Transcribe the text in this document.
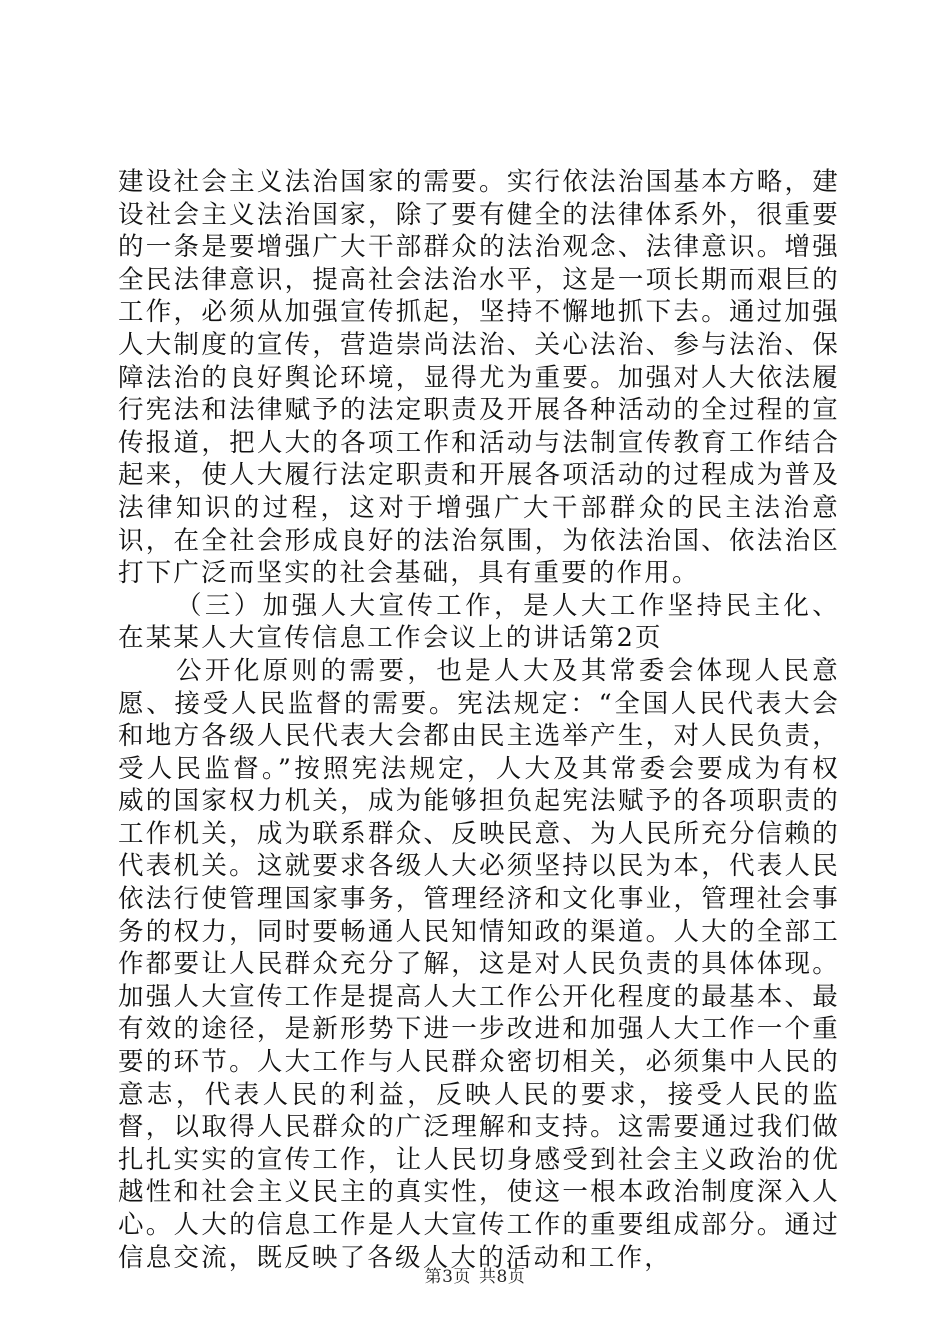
建设社会主义法治国家的需要。实行依法治国基本方略，建设社会主义法治国家，除了要有健全的法律体系外，很重要的一条是要增强广大干部群众的法治观念、法律意识。增强全民法律意识，提高社会法治水平，这是一项长期而艰巨的工作，必须从加强宣传抓起，坚持不懈地抓下去。通过加强人大制度的宣传，营造崇尚法治、关心法治、参与法治、保障法治的良好舆论环境，显得尤为重要。加强对人大依法履行宪法和法律赋予的法定职责及开展各种活动的全过程的宣传报道，把人大的各项工作和活动与法制宣传教育工作结合起来，使人大履行法定职责和开展各项活动的过程成为普及法律知识的过程，这对于增强广大干部群众的民主法治意识，在全社会形成良好的法治氛围，为依法治国、依法治区打下广泛而坚实的社会基础，具有重要的作用。

（三）加强人大宣传工作，是人大工作坚持民主化、在某某人大宣传信息工作会议上的讲话第2页

公开化原则的需要，也是人大及其常委会体现人民意愿、接受人民监督的需要。宪法规定：“全国人民代表大会和地方各级人民代表大会都由民主选举产生，对人民负责，受人民监督。”按照宪法规定，人大及其常委会要成为有权威的国家权力机关，成为能够担负起宪法赋予的各项职责的工作机关，成为联系群众、反映民意、为人民所充分信赖的代表机关。这就要求各级人大必须坚持以民为本，代表人民依法行使管理国家事务，管理经济和文化事业，管理社会事务的权力，同时要畅通人民知情知政的渠道。人大的全部工作都要让人民群众充分了解，这是对人民负责的具体体现。加强人大宣传工作是提高人大工作公开化程度的最基本、最有效的途径，是新形势下进一步改进和加强人大工作一个重要的环节。人大工作与人民群众密切相关，必须集中人民的意志，代表人民的利益，反映人民的要求，接受人民的监督，以取得人民群众的广泛理解和支持。这需要通过我们做扎扎实实的宣传工作，让人民切身感受到社会主义政治的优越性和社会主义民主的真实性，使这一根本政治制度深入人心。人大的信息工作是人大宣传工作的重要组成部分。通过信息交流，既反映了各级人大的活动和工作，

第3页 共8页
